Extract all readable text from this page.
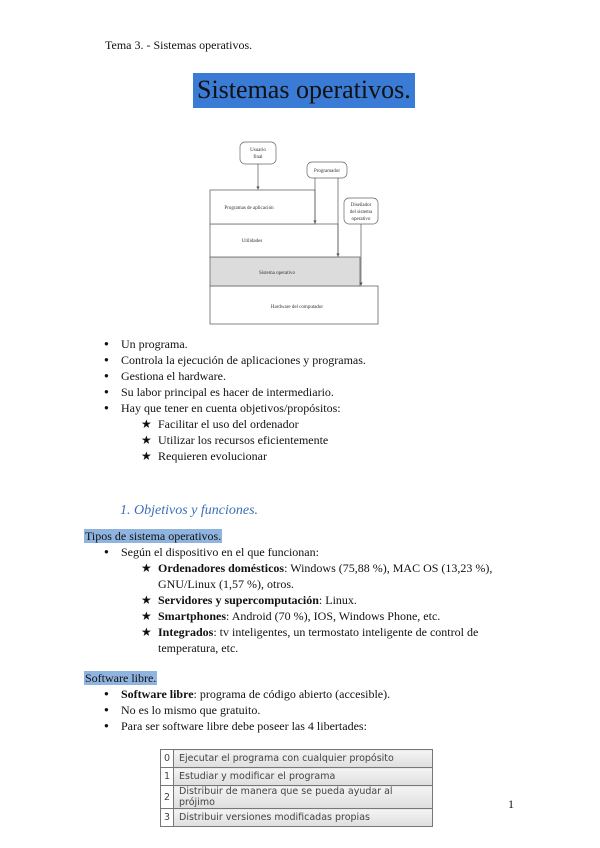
Tema 3. - Sistemas operativos.
Sistemas operativos.
Programas de aplicación
Utilidades
Sistema operativo
Hardware del computador
Usuario
final
Programador
Diseñador
del sistema
operativo
● Un programa.
● Controla la ejecución de aplicaciones y programas.
● Gestiona el hardware.
● Su labor principal es hacer de intermediario.
● Hay que tener en cuenta objetivos/propósitos:
★ Facilitar el uso del ordenador
★ Utilizar los recursos eficientemente
★ Requieren evolucionar
1. Objetivos y funciones.
Tipos de sistema operativos.
● Según el dispositivo en el que funcionan:
★ Ordenadores domésticos: Windows (75,88 %), MAC OS (13,23 %), GNU/Linux (1,57 %), otros.
★ Servidores y supercomputación: Linux.
★ Smartphones: Android (70 %), IOS, Windows Phone, etc.
★ Integrados: tv inteligentes, un termostato inteligente de control de temperatura, etc.
Software libre.
● Software libre: programa de código abierto (accesible).
● No es lo mismo que gratuito.
● Para ser software libre debe poseer las 4 libertades:
0	Ejecutar el programa con cualquier propósito
1	Estudiar y modificar el programa
2	Distribuir de manera que se pueda ayudar al prójimo
3	Distribuir versiones modificadas propias
1
